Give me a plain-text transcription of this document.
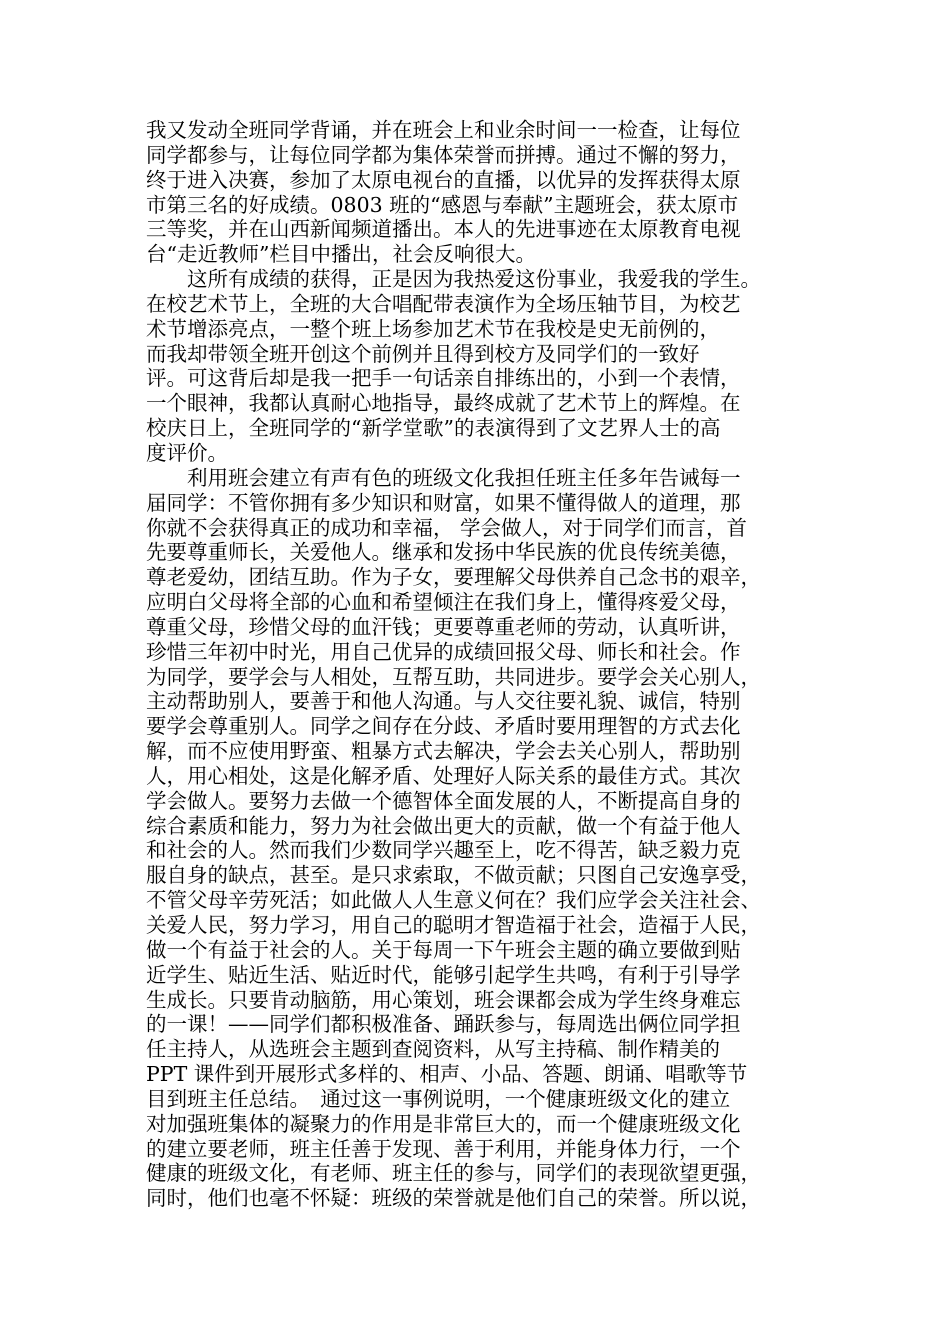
我又发动全班同学背诵，并在班会上和业余时间一一检查，让每位
同学都参与，让每位同学都为集体荣誉而拼搏。通过不懈的努力，
终于进入决赛，参加了太原电视台的直播，以优异的发挥获得太原
市第三名的好成绩。0803 班的“感恩与奉献”主题班会，获太原市
三等奖，并在山西新闻频道播出。本人的先进事迹在太原教育电视
台“走近教师”栏目中播出，社会反响很大。
　　这所有成绩的获得，正是因为我热爱这份事业，我爱我的学生。
在校艺术节上，全班的大合唱配带表演作为全场压轴节目，为校艺
术节增添亮点，一整个班上场参加艺术节在我校是史无前例的，
而我却带领全班开创这个前例并且得到校方及同学们的一致好
评。可这背后却是我一把手一句话亲自排练出的，小到一个表情，
一个眼神，我都认真耐心地指导，最终成就了艺术节上的辉煌。在
校庆日上，全班同学的“新学堂歌”的表演得到了文艺界人士的高
度评价。
　　利用班会建立有声有色的班级文化我担任班主任多年告诫每一
届同学：不管你拥有多少知识和财富，如果不懂得做人的道理，那
你就不会获得真正的成功和幸福， 学会做人，对于同学们而言，首
先要尊重师长，关爱他人。继承和发扬中华民族的优良传统美德，
尊老爱幼，团结互助。作为子女，要理解父母供养自己念书的艰辛，
应明白父母将全部的心血和希望倾注在我们身上，懂得疼爱父母，
尊重父母，珍惜父母的血汗钱；更要尊重老师的劳动，认真听讲，
珍惜三年初中时光，用自己优异的成绩回报父母、师长和社会。作
为同学，要学会与人相处，互帮互助，共同进步。要学会关心别人，
主动帮助别人，要善于和他人沟通。与人交往要礼貌、诚信，特别
要学会尊重别人。同学之间存在分歧、矛盾时要用理智的方式去化
解，而不应使用野蛮、粗暴方式去解决，学会去关心别人，帮助别
人，用心相处，这是化解矛盾、处理好人际关系的最佳方式。其次
学会做人。要努力去做一个德智体全面发展的人，不断提高自身的
综合素质和能力，努力为社会做出更大的贡献，做一个有益于他人
和社会的人。然而我们少数同学兴趣至上，吃不得苦，缺乏毅力克
服自身的缺点，甚至。是只求索取，不做贡献；只图自己安逸享受，
不管父母辛劳死活；如此做人人生意义何在？我们应学会关注社会、
关爱人民，努力学习，用自己的聪明才智造福于社会，造福于人民，
做一个有益于社会的人。关于每周一下午班会主题的确立要做到贴
近学生、贴近生活、贴近时代，能够引起学生共鸣，有利于引导学
生成长。只要肯动脑筋，用心策划，班会课都会成为学生终身难忘
的一课！——同学们都积极准备、踊跃参与，每周选出俩位同学担
任主持人，从选班会主题到查阅资料，从写主持稿、制作精美的
PPT 课件到开展形式多样的、相声、小品、答题、朗诵、唱歌等节
目到班主任总结。　通过这一事例说明，一个健康班级文化的建立
对加强班集体的凝聚力的作用是非常巨大的，而一个健康班级文化
的建立要老师，班主任善于发现、善于利用，并能身体力行，一个
健康的班级文化，有老师、班主任的参与，同学们的表现欲望更强，
同时，他们也毫不怀疑：班级的荣誉就是他们自己的荣誉。所以说，
